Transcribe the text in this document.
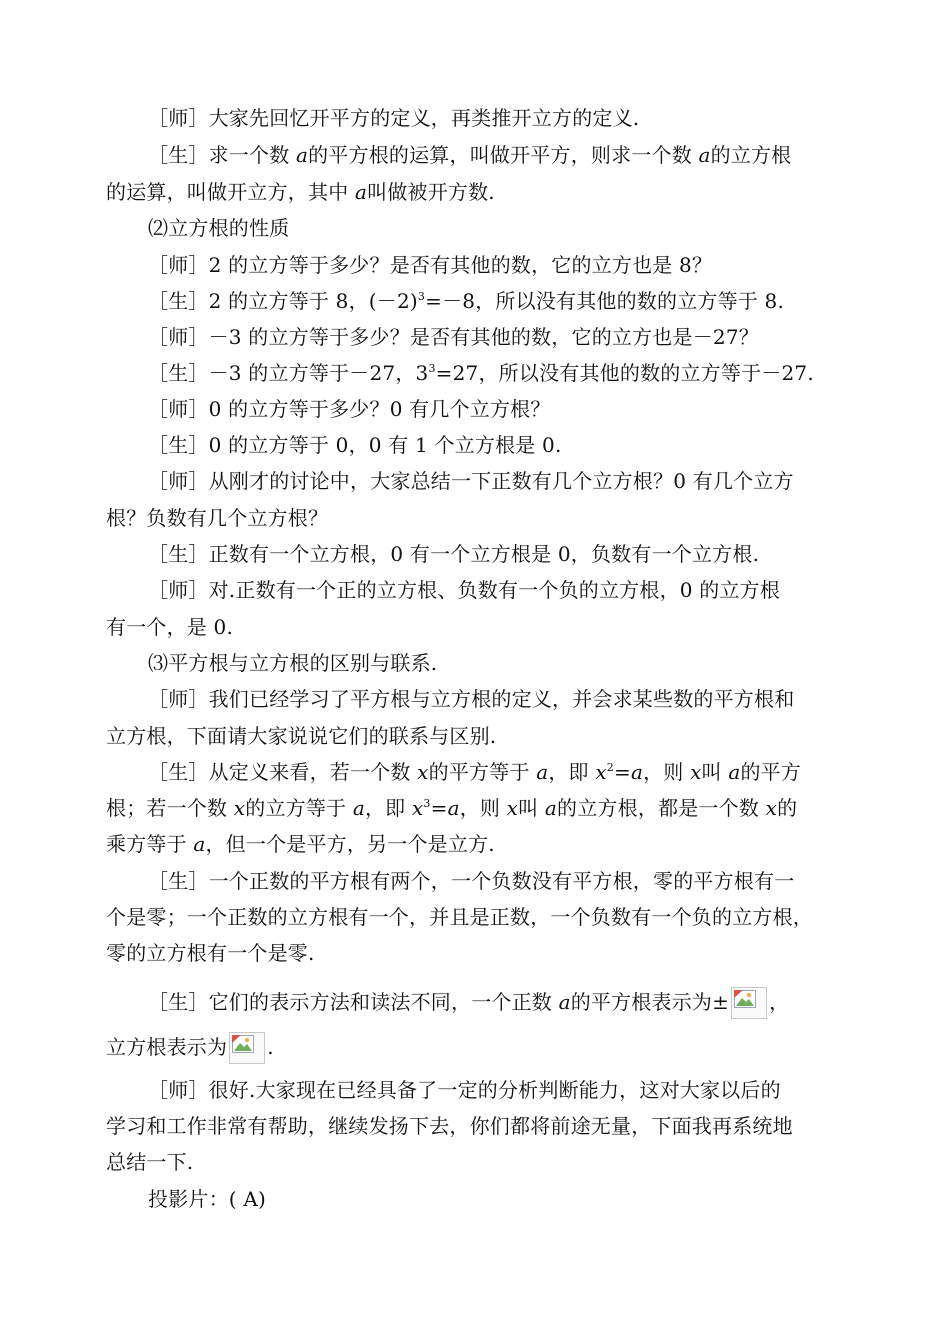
［师］大家先回忆开平方的定义，再类推开立方的定义.
［生］求一个数 a的平方根的运算，叫做开平方，则求一个数 a的立方根
的运算，叫做开立方，其中 a叫做被开方数.
⑵立方根的性质
［师］2 的立方等于多少？是否有其他的数，它的立方也是 8？
［生］2 的立方等于 8，$(-2)^3=-8$，所以没有其他的数的立方等于 8.
［师］－3 的立方等于多少？是否有其他的数，它的立方也是－27？
［生］－3 的立方等于－27，$3^3=27$，所以没有其他的数的立方等于－27.
［师］0 的立方等于多少？0 有几个立方根？
［生］0 的立方等于 0，0 有 1 个立方根是 0.
［师］从刚才的讨论中，大家总结一下正数有几个立方根？0 有几个立方
根？负数有几个立方根？
［生］正数有一个立方根，0 有一个立方根是 0，负数有一个立方根.
［师］对.正数有一个正的立方根、负数有一个负的立方根，0 的立方根
有一个，是 0.
⑶平方根与立方根的区别与联系.
［师］我们已经学习了平方根与立方根的定义，并会求某些数的平方根和
立方根，下面请大家说说它们的联系与区别.
［生］从定义来看，若一个数 x的平方等于 a，即 $x^2=a$，则 x叫 a的平方
根；若一个数 x的立方等于 a，即 $x^3=a$，则 x叫 a的立方根，都是一个数 x的
乘方等于 a，但一个是平方，另一个是立方.
［生］一个正数的平方根有两个，一个负数没有平方根，零的平方根有一
个是零；一个正数的立方根有一个，并且是正数，一个负数有一个负的立方根，
零的立方根有一个是零.
［生］它们的表示方法和读法不同，一个正数 a的平方根表示为± ，
立方根表示为 .
［师］很好.大家现在已经具备了一定的分析判断能力，这对大家以后的
学习和工作非常有帮助，继续发扬下去，你们都将前途无量，下面我再系统地
总结一下.
投影片：( A)
